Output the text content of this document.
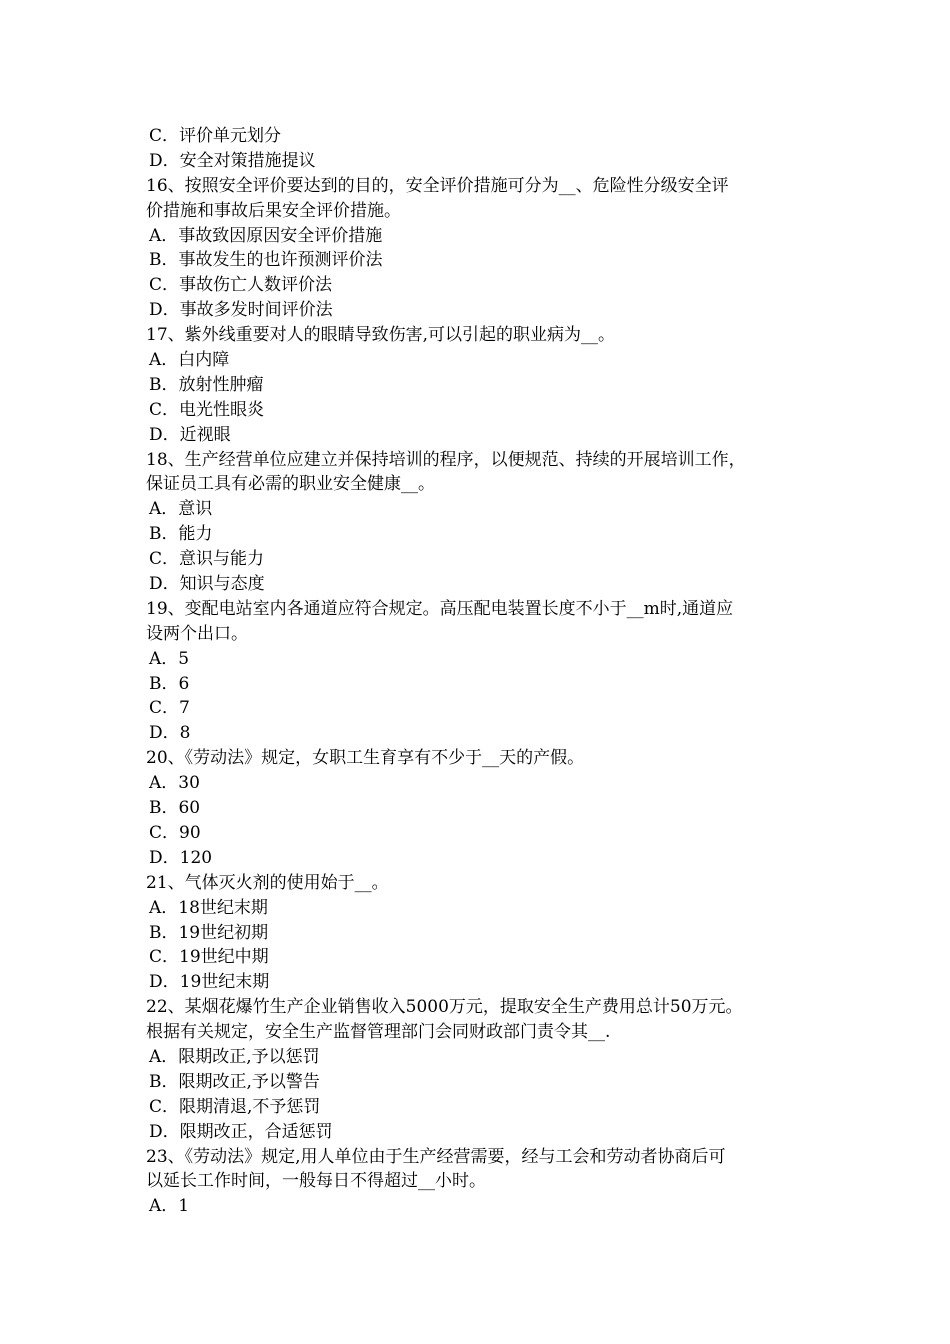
C．评价单元划分
D．安全对策措施提议
16、按照安全评价要达到的目的，安全评价措施可分为__、危险性分级安全评
价措施和事故后果安全评价措施。
A．事故致因原因安全评价措施
B．事故发生的也许预测评价法
C．事故伤亡人数评价法
D．事故多发时间评价法
17、紫外线重要对人的眼睛导致伤害,可以引起的职业病为__。
A．白内障
B．放射性肿瘤
C．电光性眼炎
D．近视眼
18、生产经营单位应建立并保持培训的程序，以便规范、持续的开展培训工作，
保证员工具有必需的职业安全健康__。
A．意识
B．能力
C．意识与能力
D．知识与态度
19、变配电站室内各通道应符合规定。高压配电装置长度不小于__m时,通道应
设两个出口。
A．5
B．6
C．7
D．8
20、《劳动法》规定，女职工生育享有不少于__天的产假。
A．30
B．60
C．90
D．120
21、气体灭火剂的使用始于__。
A．18世纪末期
B．19世纪初期
C．19世纪中期
D．19世纪末期
22、某烟花爆竹生产企业销售收入5000万元，提取安全生产费用总计50万元。
根据有关规定，安全生产监督管理部门会同财政部门责令其__.
A．限期改正,予以惩罚
B．限期改正,予以警告
C．限期清退,不予惩罚
D．限期改正，合适惩罚
23、《劳动法》规定,用人单位由于生产经营需要，经与工会和劳动者协商后可
以延长工作时间，一般每日不得超过__小时。
A．1
